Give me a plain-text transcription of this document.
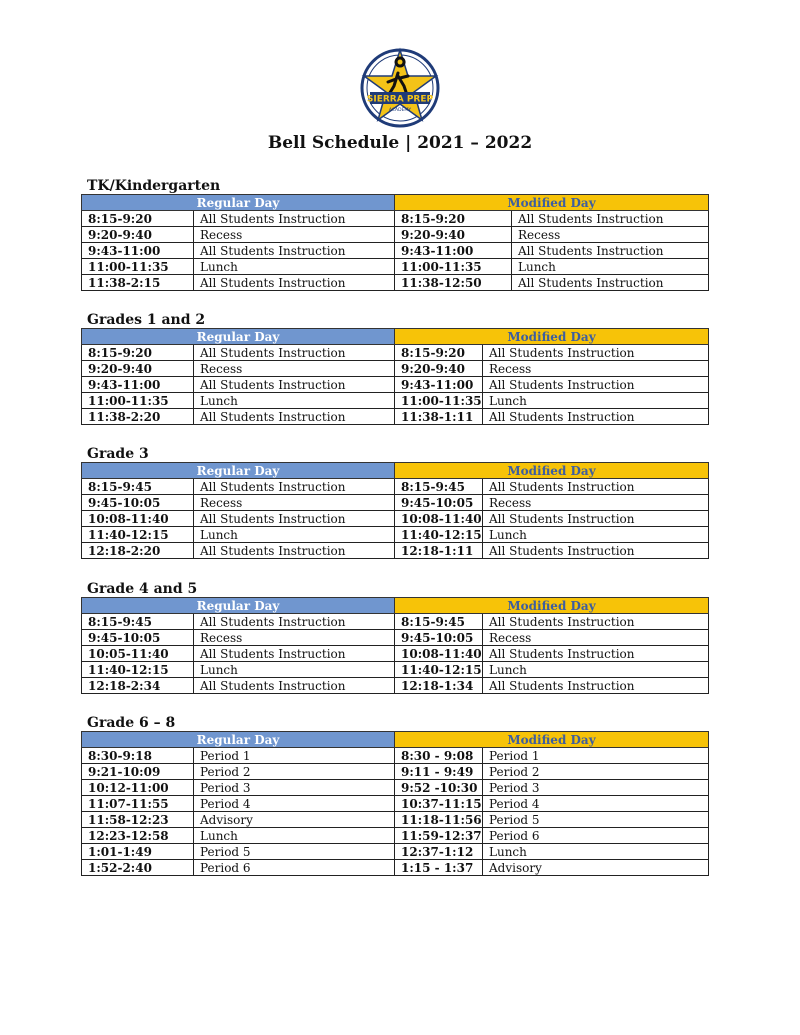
SIERRA PREP
ACADEMY
Bell Schedule | 2021 – 2022
TK/Kindergarten
Regular Day		Modified Day	
8:15-9:20	All Students Instruction	8:15-9:20	All Students Instruction
9:20-9:40	Recess	9:20-9:40	Recess
9:43-11:00	All Students Instruction	9:43-11:00	All Students Instruction
11:00-11:35	Lunch	11:00-11:35	Lunch
11:38-2:15	All Students Instruction	11:38-12:50	All Students Instruction
Grades 1 and 2
Regular Day		Modified Day	
8:15-9:20	All Students Instruction	8:15-9:20	All Students Instruction
9:20-9:40	Recess	9:20-9:40	Recess
9:43-11:00	All Students Instruction	9:43-11:00	All Students Instruction
11:00-11:35	Lunch	11:00-11:35	Lunch
11:38-2:20	All Students Instruction	11:38-1:11	All Students Instruction
Grade 3
Regular Day		Modified Day	
8:15-9:45	All Students Instruction	8:15-9:45	All Students Instruction
9:45-10:05	Recess	9:45-10:05	Recess
10:08-11:40	All Students Instruction	10:08-11:40	All Students Instruction
11:40-12:15	Lunch	11:40-12:15	Lunch
12:18-2:20	All Students Instruction	12:18-1:11	All Students Instruction
Grade 4 and 5
Regular Day		Modified Day	
8:15-9:45	All Students Instruction	8:15-9:45	All Students Instruction
9:45-10:05	Recess	9:45-10:05	Recess
10:05-11:40	All Students Instruction	10:08-11:40	All Students Instruction
11:40-12:15	Lunch	11:40-12:15	Lunch
12:18-2:34	All Students Instruction	12:18-1:34	All Students Instruction
Grade 6 – 8
Regular Day		Modified Day	
8:30-9:18	Period 1	8:30 - 9:08	Period 1
9:21-10:09	Period 2	9:11 - 9:49	Period 2
10:12-11:00	Period 3	9:52 -10:30	Period 3
11:07-11:55	Period 4	10:37-11:15	Period 4
11:58-12:23	Advisory	11:18-11:56	Period 5
12:23-12:58	Lunch	11:59-12:37	Period 6
1:01-1:49	Period 5	12:37-1:12	Lunch
1:52-2:40	Period 6	1:15 - 1:37	Advisory
